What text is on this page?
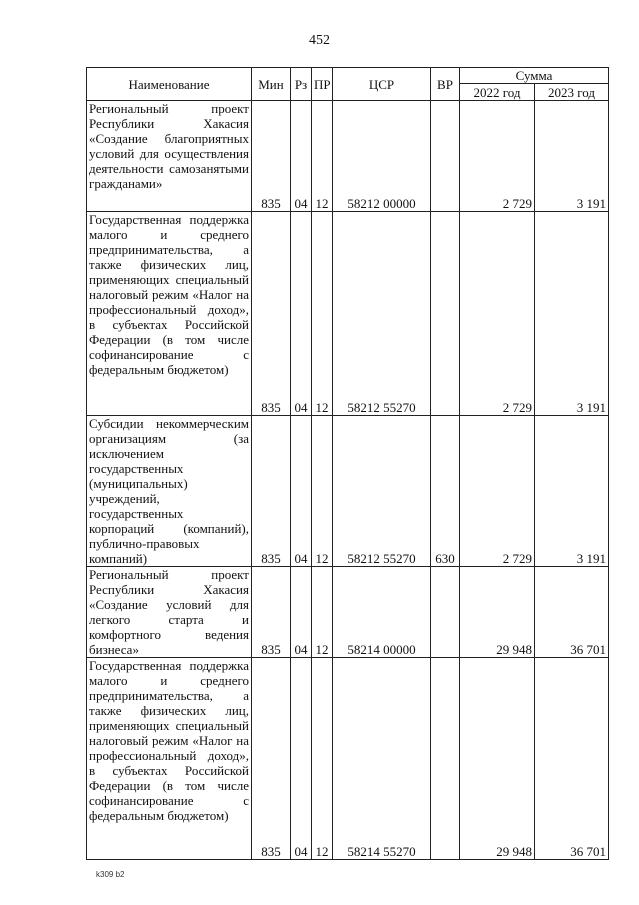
452
Наименование	Мин	Рз	ПР	ЦСР	ВР	Сумма	
						2022 год	2023 год
Региональный проект Республики Хакасия «Создание благоприятных условий для осуществления деятельности самозанятыми гражданами»	835	04	12	58212 00000		2 729	3 191
Государственная поддержка малого и среднего предпринимательства, а также физических лиц, применяющих специальный налоговый режим «Налог на профессиональный доход», в субъектах Российской Федерации (в том числе софинансирование с федеральным бюджетом)	835	04	12	58212 55270		2 729	3 191
Субсидии некоммерческим организациям (за исключением государственных (муниципальных) учреждений, государственных корпораций (компаний), публично-правовых компаний)	835	04	12	58212 55270	630	2 729	3 191
Региональный проект Республики Хакасия «Создание условий для легкого старта и комфортного ведения бизнеса»	835	04	12	58214 00000		29 948	36 701
Государственная поддержка малого и среднего предпринимательства, а также физических лиц, применяющих специальный налоговый режим «Налог на профессиональный доход», в субъектах Российской Федерации (в том числе софинансирование с федеральным бюджетом)	835	04	12	58214 55270		29 948	36 701
k309 b2
